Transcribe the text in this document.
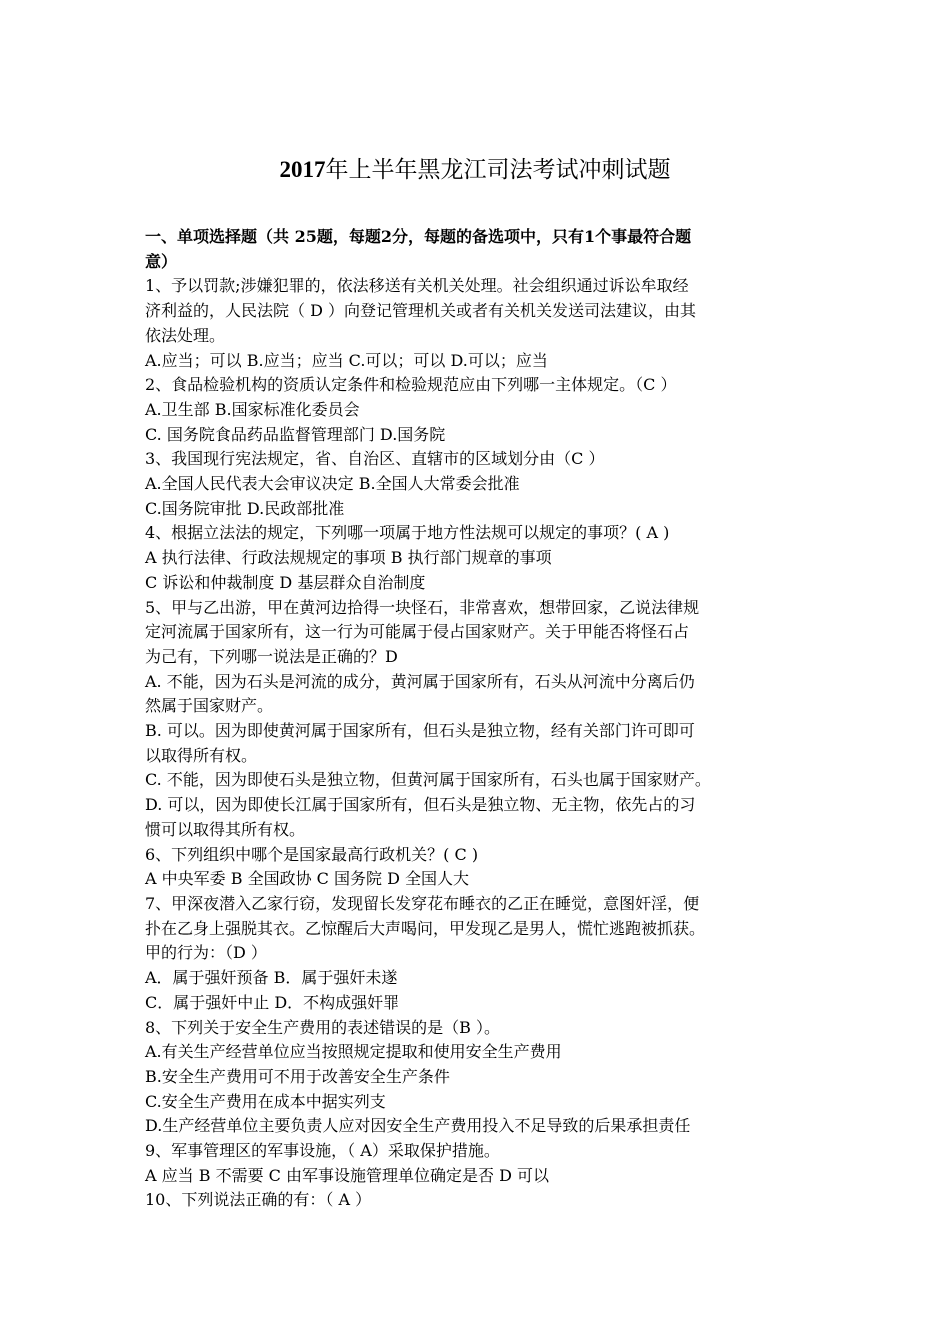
2017年上半年黑龙江司法考试冲刺试题

一、单项选择题（共 25题，每题2分，每题的备选项中，只有1个事最符合题

意）

1、予以罚款;涉嫌犯罪的，依法移送有关机关处理。社会组织通过诉讼牟取经

济利益的，人民法院（ D ）向登记管理机关或者有关机关发送司法建议，由其

依法处理。

A.应当；可以 B.应当；应当 C.可以；可以 D.可以；应当

2、食品检验机构的资质认定条件和检验规范应由下列哪一主体规定。（C ）

A.卫生部 B.国家标准化委员会

C. 国务院食品药品监督管理部门 D.国务院

3、我国现行宪法规定，省、自治区、直辖市的区域划分由（C ）

A.全国人民代表大会审议决定 B.全国人大常委会批准

C.国务院审批 D.民政部批准

4、根据立法法的规定，下列哪一项属于地方性法规可以规定的事项？( A )

A 执行法律、行政法规规定的事项 B 执行部门规章的事项

C 诉讼和仲裁制度 D 基层群众自治制度

5、甲与乙出游，甲在黄河边拾得一块怪石，非常喜欢，想带回家，乙说法律规

定河流属于国家所有，这一行为可能属于侵占国家财产。关于甲能否将怪石占

为己有，下列哪一说法是正确的？D

A. 不能，因为石头是河流的成分，黄河属于国家所有，石头从河流中分离后仍

然属于国家财产。

B. 可以。因为即使黄河属于国家所有，但石头是独立物，经有关部门许可即可

以取得所有权。

C. 不能，因为即使石头是独立物，但黄河属于国家所有，石头也属于国家财产。

D. 可以，因为即使长江属于国家所有，但石头是独立物、无主物，依先占的习

惯可以取得其所有权。

6、下列组织中哪个是国家最高行政机关？( C )

A 中央军委 B 全国政协 C 国务院 D 全国人大

7、甲深夜潜入乙家行窃，发现留长发穿花布睡衣的乙正在睡觉，意图奸淫，便

扑在乙身上强脱其衣。乙惊醒后大声喝问，甲发现乙是男人，慌忙逃跑被抓获。

甲的行为：（D ）

A．属于强奸预备 B．属于强奸未遂

C．属于强奸中止 D．不构成强奸罪

8、下列关于安全生产费用的表述错误的是（B ）。

A.有关生产经营单位应当按照规定提取和使用安全生产费用

B.安全生产费用可不用于改善安全生产条件

C.安全生产费用在成本中据实列支

D.生产经营单位主要负责人应对因安全生产费用投入不足导致的后果承担责任

9、军事管理区的军事设施，（ A）采取保护措施。

A 应当 B 不需要 C 由军事设施管理单位确定是否 D 可以

10、下列说法正确的有：（ A ）
